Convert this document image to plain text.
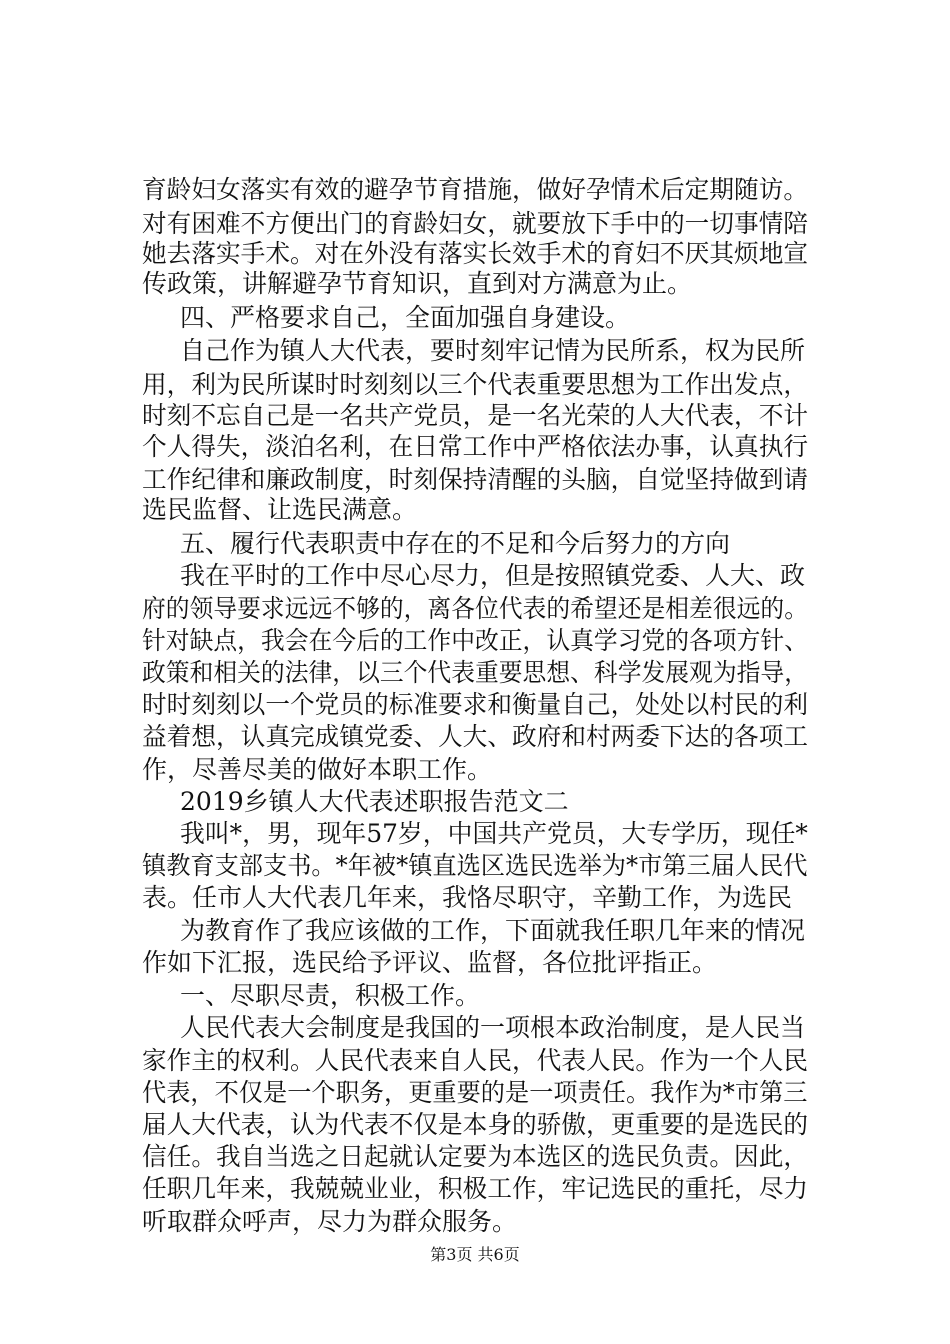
育龄妇女落实有效的避孕节育措施，做好孕情术后定期随访。
对有困难不方便出门的育龄妇女，就要放下手中的一切事情陪
她去落实手术。对在外没有落实长效手术的育妇不厌其烦地宣
传政策，讲解避孕节育知识，直到对方满意为止。
四、严格要求自己，全面加强自身建设。
自己作为镇人大代表，要时刻牢记情为民所系，权为民所
用，利为民所谋时时刻刻以三个代表重要思想为工作出发点，
时刻不忘自己是一名共产党员，是一名光荣的人大代表，不计
个人得失，淡泊名利，在日常工作中严格依法办事，认真执行
工作纪律和廉政制度，时刻保持清醒的头脑，自觉坚持做到请
选民监督、让选民满意。
五、履行代表职责中存在的不足和今后努力的方向
我在平时的工作中尽心尽力，但是按照镇党委、人大、政
府的领导要求远远不够的，离各位代表的希望还是相差很远的。
针对缺点，我会在今后的工作中改正，认真学习党的各项方针、
政策和相关的法律，以三个代表重要思想、科学发展观为指导，
时时刻刻以一个党员的标准要求和衡量自己，处处以村民的利
益着想，认真完成镇党委、人大、政府和村两委下达的各项工
作，尽善尽美的做好本职工作。
2019乡镇人大代表述职报告范文二
我叫*，男，现年57岁，中国共产党员，大专学历，现任*
镇教育支部支书。*年被*镇直选区选民选举为*市第三届人民代
表。任市人大代表几年来，我恪尽职守，辛勤工作，为选民
为教育作了我应该做的工作，下面就我任职几年来的情况
作如下汇报，选民给予评议、监督，各位批评指正。
一、尽职尽责，积极工作。
人民代表大会制度是我国的一项根本政治制度，是人民当
家作主的权利。人民代表来自人民，代表人民。作为一个人民
代表，不仅是一个职务，更重要的是一项责任。我作为*市第三
届人大代表，认为代表不仅是本身的骄傲，更重要的是选民的
信任。我自当选之日起就认定要为本选区的选民负责。因此，
任职几年来，我兢兢业业，积极工作，牢记选民的重托，尽力
听取群众呼声，尽力为群众服务。
第3页 共6页
